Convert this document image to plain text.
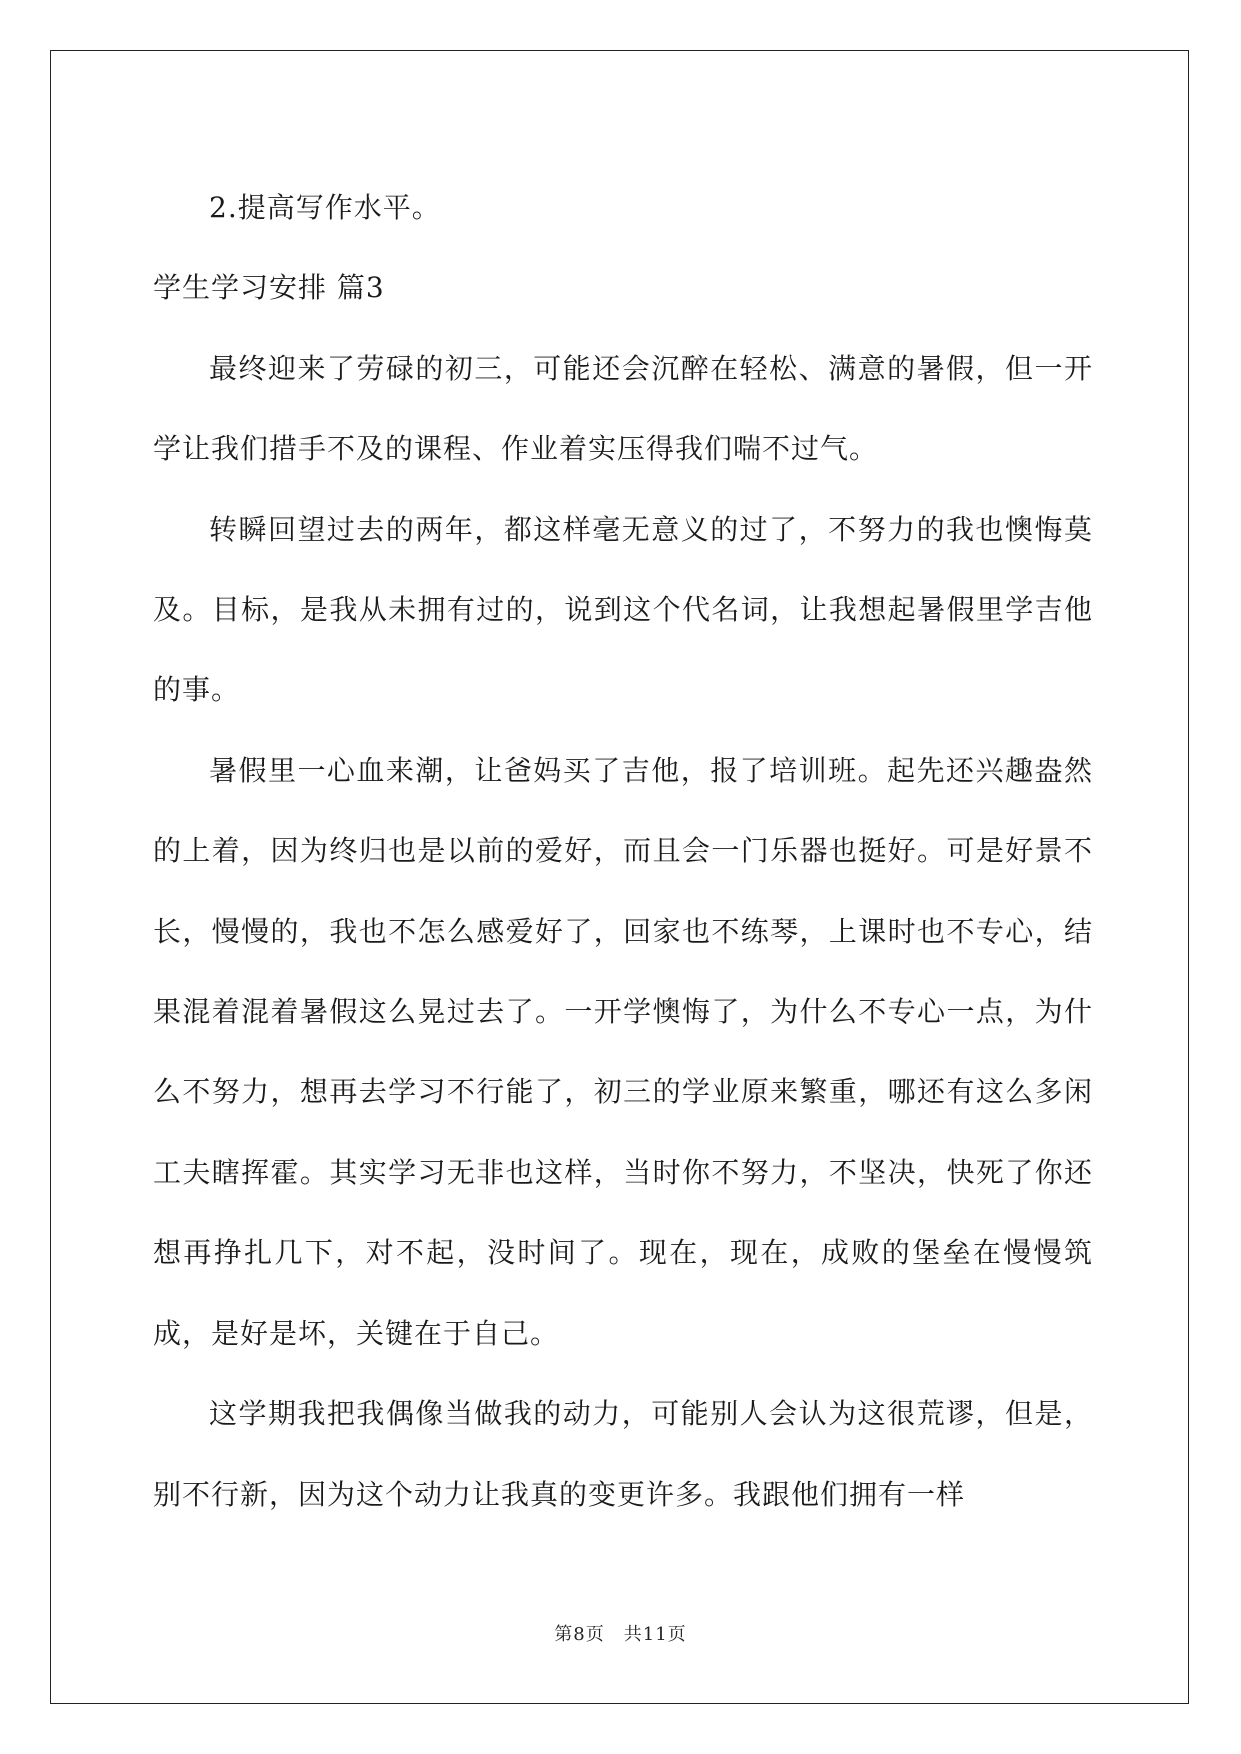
2.提高写作水平。

学生学习安排 篇3

最终迎来了劳碌的初三，可能还会沉醉在轻松、满意的暑假，但一开学让我们措手不及的课程、作业着实压得我们喘不过气。

转瞬回望过去的两年，都这样毫无意义的过了，不努力的我也懊悔莫及。目标，是我从未拥有过的，说到这个代名词，让我想起暑假里学吉他的事。

暑假里一心血来潮，让爸妈买了吉他，报了培训班。起先还兴趣盎然的上着，因为终归也是以前的爱好，而且会一门乐器也挺好。可是好景不长，慢慢的，我也不怎么感爱好了，回家也不练琴，上课时也不专心，结果混着混着暑假这么晃过去了。一开学懊悔了，为什么不专心一点，为什么不努力，想再去学习不行能了，初三的学业原来繁重，哪还有这么多闲工夫瞎挥霍。其实学习无非也这样，当时你不努力，不坚决，快死了你还想再挣扎几下，对不起，没时间了。现在，现在，成败的堡垒在慢慢筑成，是好是坏，关键在于自己。

这学期我把我偶像当做我的动力，可能别人会认为这很荒谬，但是，别不行新，因为这个动力让我真的变更许多。我跟他们拥有一样

第8页　共11页
